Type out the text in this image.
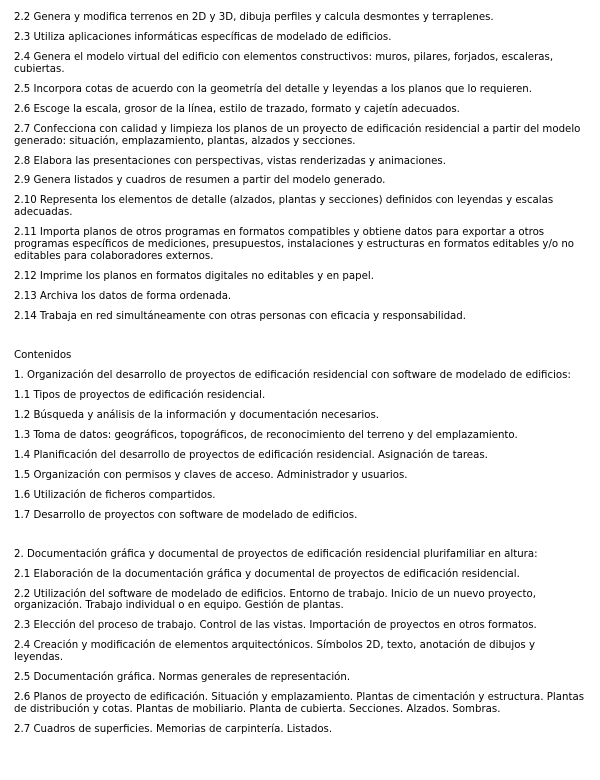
2.2 Genera y modifica terrenos en 2D y 3D, dibuja perfiles y calcula desmontes y terraplenes.

2.3 Utiliza aplicaciones informáticas específicas de modelado de edificios.

2.4 Genera el modelo virtual del edificio con elementos constructivos: muros, pilares, forjados, escaleras, cubiertas.

2.5 Incorpora cotas de acuerdo con la geometría del detalle y leyendas a los planos que lo requieren.

2.6 Escoge la escala, grosor de la línea, estilo de trazado, formato y cajetín adecuados.

2.7 Confecciona con calidad y limpieza los planos de un proyecto de edificación residencial a partir del modelo generado: situación, emplazamiento, plantas, alzados y secciones.

2.8 Elabora las presentaciones con perspectivas, vistas renderizadas y animaciones.

2.9 Genera listados y cuadros de resumen a partir del modelo generado.

2.10 Representa los elementos de detalle (alzados, plantas y secciones) definidos con leyendas y escalas adecuadas.

2.11 Importa planos de otros programas en formatos compatibles y obtiene datos para exportar a otros programas específicos de mediciones, presupuestos, instalaciones y estructuras en formatos editables y/o no editables para colaboradores externos.

2.12 Imprime los planos en formatos digitales no editables y en papel.

2.13 Archiva los datos de forma ordenada.

2.14 Trabaja en red simultáneamente con otras personas con eficacia y responsabilidad.

Contenidos

1. Organización del desarrollo de proyectos de edificación residencial con software de modelado de edificios:

1.1 Tipos de proyectos de edificación residencial.

1.2 Búsqueda y análisis de la información y documentación necesarios.

1.3 Toma de datos: geográficos, topográficos, de reconocimiento del terreno y del emplazamiento.

1.4 Planificación del desarrollo de proyectos de edificación residencial. Asignación de tareas.

1.5 Organización con permisos y claves de acceso. Administrador y usuarios.

1.6 Utilización de ficheros compartidos.

1.7 Desarrollo de proyectos con software de modelado de edificios.

2. Documentación gráfica y documental de proyectos de edificación residencial plurifamiliar en altura:

2.1 Elaboración de la documentación gráfica y documental de proyectos de edificación residencial.

2.2 Utilización del software de modelado de edificios. Entorno de trabajo. Inicio de un nuevo proyecto, organización. Trabajo individual o en equipo. Gestión de plantas.

2.3 Elección del proceso de trabajo. Control de las vistas. Importación de proyectos en otros formatos.

2.4 Creación y modificación de elementos arquitectónicos. Símbolos 2D, texto, anotación de dibujos y leyendas.

2.5 Documentación gráfica. Normas generales de representación.

2.6 Planos de proyecto de edificación. Situación y emplazamiento. Plantas de cimentación y estructura. Plantas de distribución y cotas. Plantas de mobiliario. Planta de cubierta. Secciones. Alzados. Sombras.

2.7 Cuadros de superficies. Memorias de carpintería. Listados.
